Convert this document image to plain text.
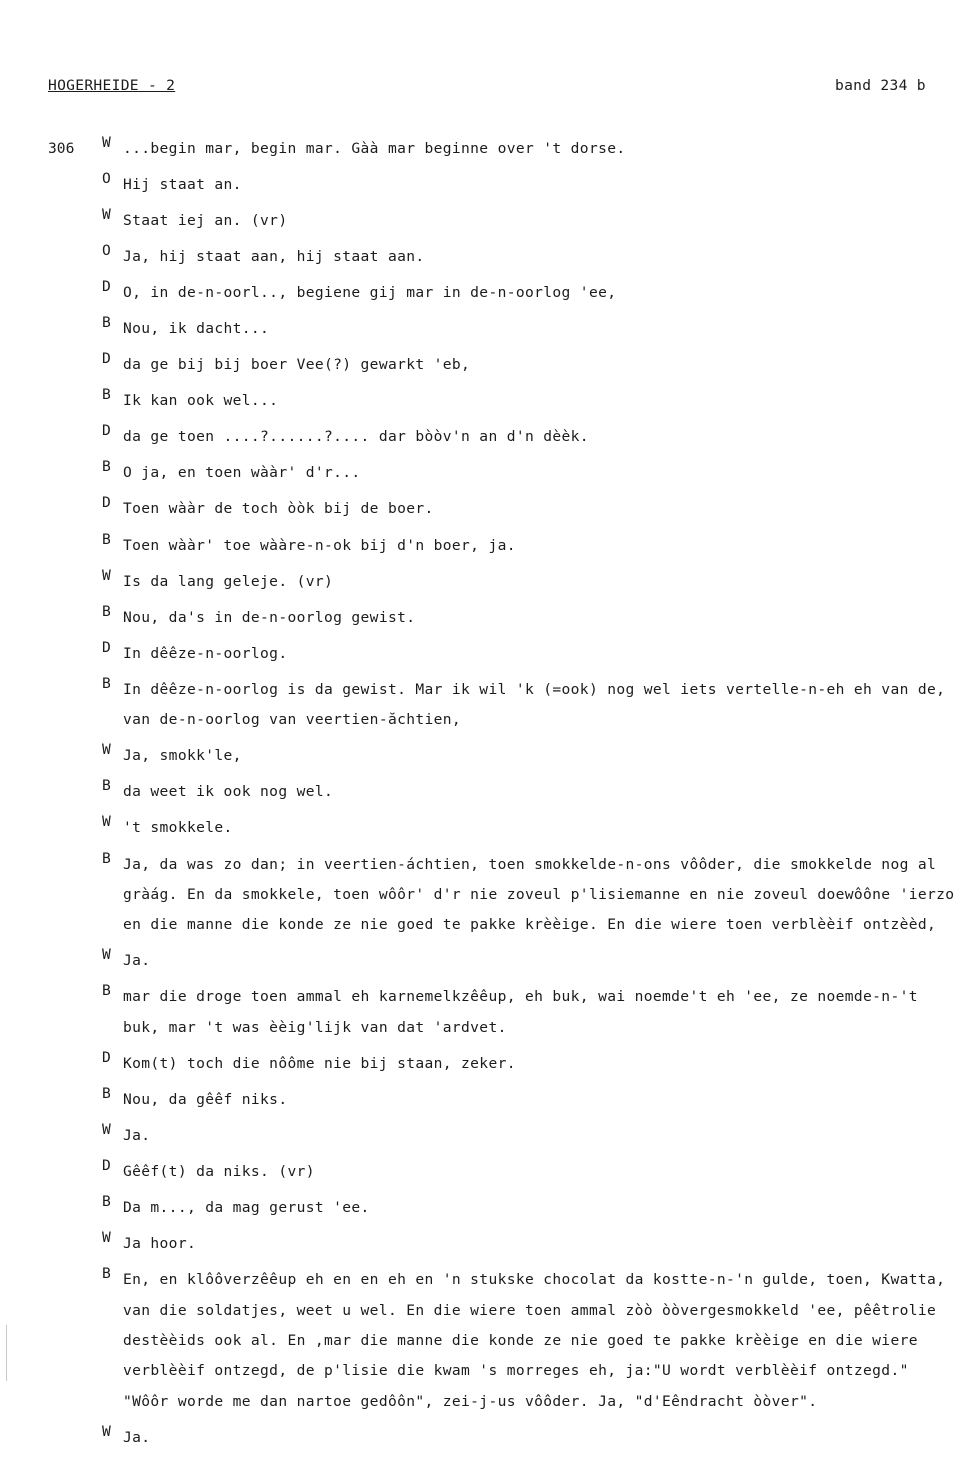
HOGERHEIDE - 2	band 234 b
306 W ...begin mar, begin mar. Gàà mar beginne over 't dorse.
O Hij staat an.
W Staat iej an. (vr)
O Ja, hij staat aan, hij staat aan.
D O, in de-n-oorl.., begiene gij mar in de-n-oorlog 'ee,
B Nou, ik dacht...
D da ge bij bij boer Vee(?) gewarkt 'eb,
B Ik kan ook wel...
D da ge toen ....?......?.... dar bòòv'n an d'n dèèk.
B O ja, en toen wààr' d'r...
D Toen wààr de toch òòk bij de boer.
B Toen wààr' toe wààre-n-ok bij d'n boer, ja.
W Is da lang geleje. (vr)
B Nou, da's in de-n-oorlog gewist.
D In dêêze-n-oorlog.
B In dêêze-n-oorlog is da gewist. Mar ik wil 'k (=ook) nog wel iets vertelle-n-eh eh van de, van de-n-oorlog van veertien-ăchtien,
W Ja, smokk'le,
B da weet ik ook nog wel.
W 't smokkele.
B Ja, da was zo dan; in veertien-áchtien, toen smokkelde-n-ons vôôder, die smokkelde nog al gràág. En da smokkele, toen wôôr' d'r nie zoveul p'lisiemanne en nie zoveul doewôône 'ierzo en die manne die konde ze nie goed te pakke krèèige. En die wiere toen verblèèif ontzèèd,
W Ja.
B mar die droge toen ammal eh karnemelkzêêup, eh buk, wai noemde't eh 'ee, ze noemde-n-'t buk, mar 't was èèig'lijk van dat 'ardvet.
D Kom(t) toch die nôôme nie bij staan, zeker.
B Nou, da gêêf niks.
W Ja.
D Gêêf(t) da niks. (vr)
B Da m..., da mag gerust 'ee.
W Ja hoor.
B En, en klôôverzêêup eh en en eh en 'n stukske chocolat da kostte-n-'n gulde, toen, Kwatta, van die soldatjes, weet u wel. En die wiere toen ammal zòò òòvergesmokkeld 'ee, pêêtrolie destèèids ook al. En ,mar die manne die konde ze nie goed te pakke krèèige en die wiere verblèèif ontzegd, de p'lisie die kwam 's morreges eh, ja:"U wordt verblèèif ontzegd." "Wôôr worde me dan nartoe gedôôn", zei-j-us vôôder. Ja, "d'Eêndracht òòver".
W Ja.
